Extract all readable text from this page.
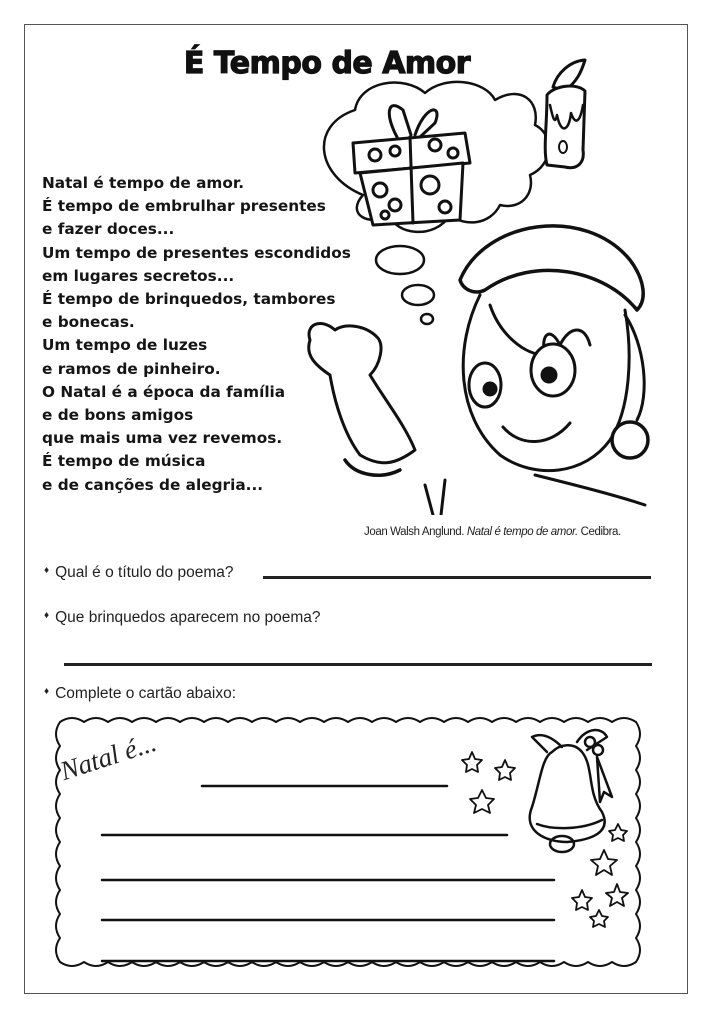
É Tempo de Amor
Natal é tempo de amor.
É tempo de embrulhar presentes
e fazer doces...
Um tempo de presentes escondidos
em lugares secretos...
É tempo de brinquedos, tambores
e bonecas.
Um tempo de luzes
e ramos de pinheiro.
O Natal é a época da família
e de bons amigos
que mais uma vez revemos.
É tempo de música
e de canções de alegria...
Joan Walsh Anglund. Natal é tempo de amor. Cedibra.
♦ Qual é o título do poema?
♦ Que brinquedos aparecem no poema?
♦ Complete o cartão abaixo:
Natal é...
